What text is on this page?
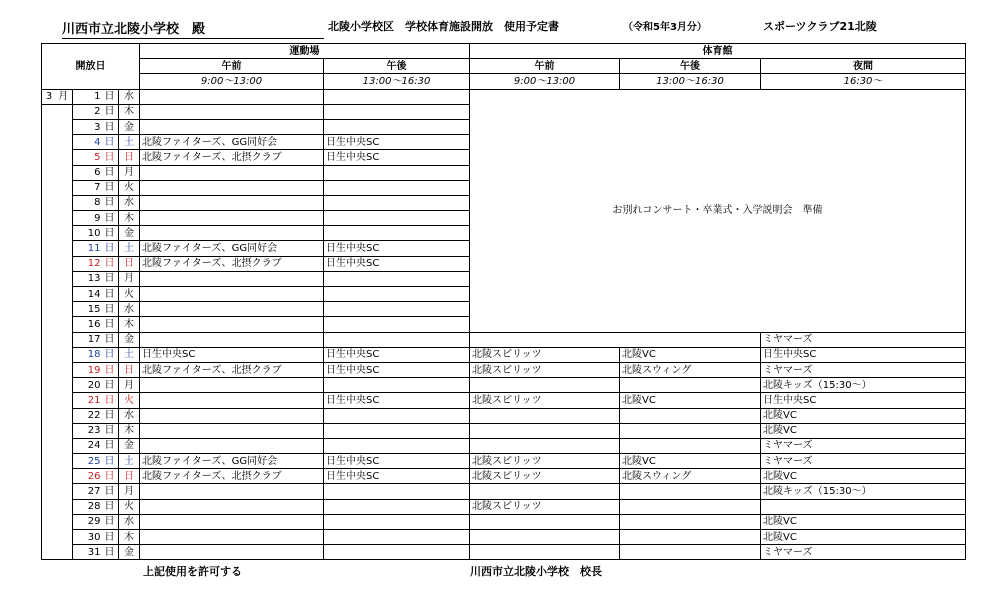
川西市立北陵小学校　殿	北陵小学校区　学校体育施設開放　使用予定書	（令和5年3月分）	スポーツクラブ21北陵
開放日				運動場		体育館		
				午前	午後	午前	午後	夜間
				9:00～13:00	13:00～16:30	9:00～13:00	13:00～16:30	16:30～
3 月	1	日	水			お別れコンサート・卒業式・入学説明会　準備		
	2	日	木					
	3	日	金					
	4	日	土	北陵ファイターズ、GG同好会	日生中央SC			
	5	日	日	北陵ファイターズ、北摂クラブ	日生中央SC			
	6	日	月					
	7	日	火					
	8	日	水					
	9	日	木					
	10	日	金					
	11	日	土	北陵ファイターズ、GG同好会	日生中央SC			
	12	日	日	北陵ファイターズ、北摂クラブ	日生中央SC			
	13	日	月					
	14	日	火					
	15	日	水					
	16	日	木					
	17	日	金					ミヤマーズ
	18	日	土	日生中央SC	日生中央SC	北陵スピリッツ	北陵VC	日生中央SC
	19	日	日	北陵ファイターズ、北摂クラブ	日生中央SC	北陵スピリッツ	北陵スウィング	ミヤマーズ
	20	日	月					北陵キッズ（15:30～）
	21	日	火		日生中央SC	北陵スピリッツ	北陵VC	日生中央SC
	22	日	水					北陵VC
	23	日	木					北陵VC
	24	日	金					ミヤマーズ
	25	日	土	北陵ファイターズ、GG同好会	日生中央SC	北陵スピリッツ	北陵VC	ミヤマーズ
	26	日	日	北陵ファイターズ、北摂クラブ	日生中央SC	北陵スピリッツ	北陵スウィング	北陵VC
	27	日	月					北陵キッズ（15:30～）
	28	日	火			北陵スピリッツ		
	29	日	水					北陵VC
	30	日	木					北陵VC
	31	日	金					ミヤマーズ
上記使用を許可する	川西市立北陵小学校　校長
